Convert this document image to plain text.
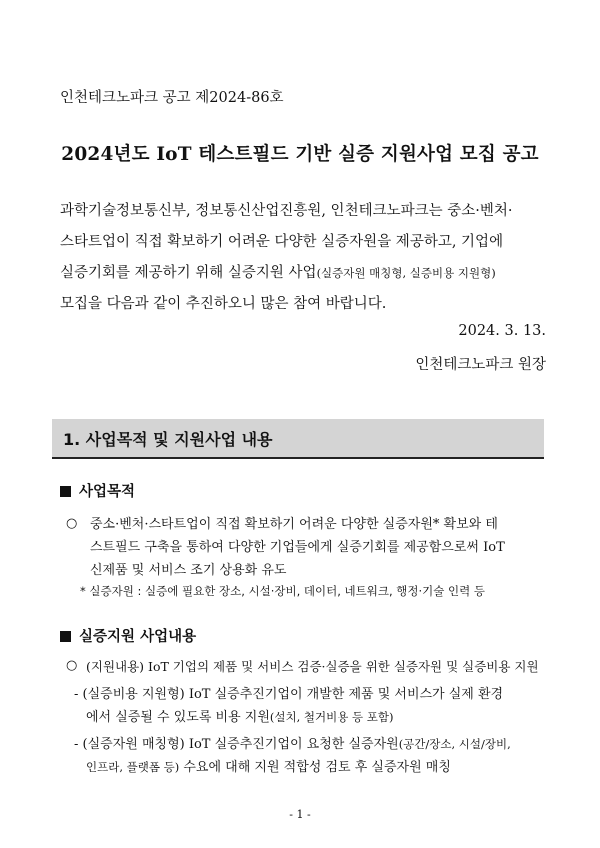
인천테크노파크 공고 제2024-86호
2024년도 IoT 테스트필드 기반 실증 지원사업 모집 공고
과학기술정보통신부, 정보통신산업진흥원, 인천테크노파크는 중소·벤처·
스타트업이 직접 확보하기 어려운 다양한 실증자원을 제공하고, 기업에
실증기회를 제공하기 위해 실증지원 사업(실증자원 매칭형, 실증비용 지원형)
모집을 다음과 같이 추진하오니 많은 참여 바랍니다.
2024. 3. 13.
인천테크노파크 원장
1. 사업목적 및 지원사업 내용
사업목적
○ 중소·벤처·스타트업이 직접 확보하기 어려운 다양한 실증자원* 확보와 테
스트필드 구축을 통하여 다양한 기업들에게 실증기회를 제공함으로써 IoT
신제품 및 서비스 조기 상용화 유도
* 실증자원 : 실증에 필요한 장소, 시설·장비, 데이터, 네트워크, 행정·기술 인력 등
실증지원 사업내용
○ (지원내용) IoT 기업의 제품 및 서비스 검증·실증을 위한 실증자원 및 실증비용 지원
- (실증비용 지원형) IoT 실증추진기업이 개발한 제품 및 서비스가 실제 환경
에서 실증될 수 있도록 비용 지원(설치, 철거비용 등 포함)
- (실증자원 매칭형) IoT 실증추진기업이 요청한 실증자원(공간/장소, 시설/장비,
인프라, 플랫폼 등) 수요에 대해 지원 적합성 검토 후 실증자원 매칭
- 1 -
